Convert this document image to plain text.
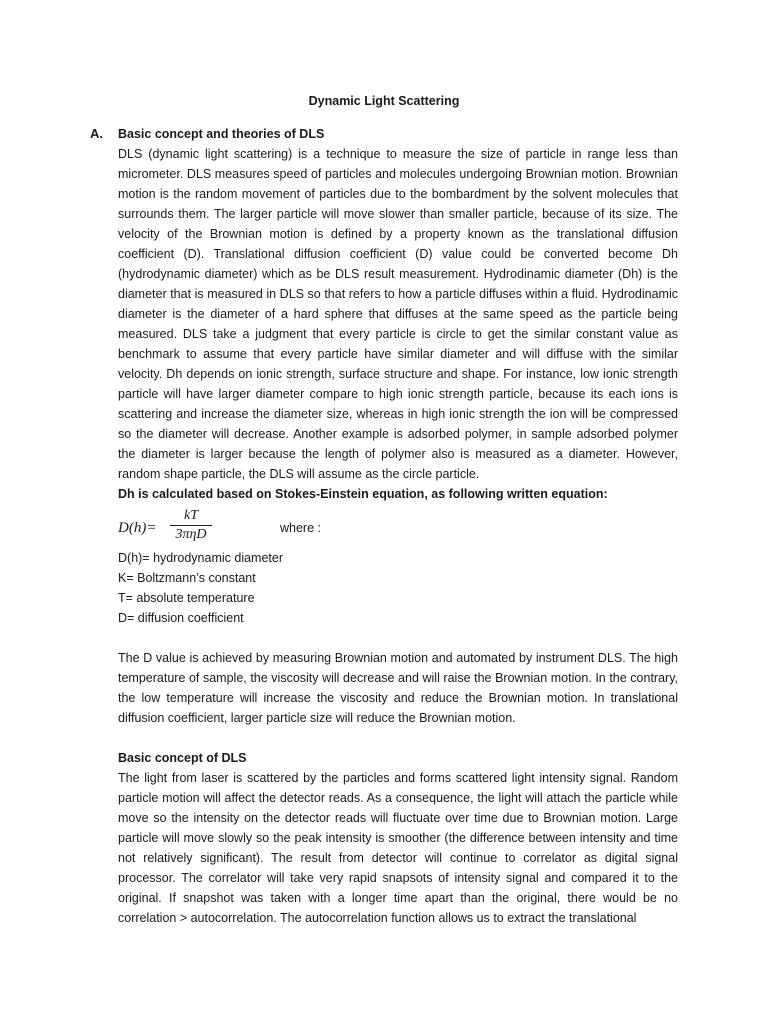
Dynamic Light Scattering
A. Basic concept and theories of DLS
DLS (dynamic light scattering) is a technique to measure the size of particle in range less than micrometer. DLS measures speed of particles and molecules undergoing Brownian motion. Brownian motion is the random movement of particles due to the bombardment by the solvent molecules that surrounds them. The larger particle will move slower than smaller particle, because of its size. The velocity of the Brownian motion is defined by a property known as the translational diffusion coefficient (D). Translational diffusion coefficient (D) value could be converted become Dh (hydrodynamic diameter) which as be DLS result measurement. Hydrodinamic diameter (Dh) is the diameter that is measured in DLS so that refers to how a particle diffuses within a fluid. Hydrodinamic diameter is the diameter of a hard sphere that diffuses at the same speed as the particle being measured. DLS take a judgment that every particle is circle to get the similar constant value as benchmark to assume that every particle have similar diameter and will diffuse with the similar velocity. Dh depends on ionic strength, surface structure and shape. For instance, low ionic strength particle will have larger diameter compare to high ionic strength particle, because its each ions is scattering and increase the diameter size, whereas in high ionic strength the ion will be compressed so the diameter will decrease. Another example is adsorbed polymer, in sample adsorbed polymer the diameter is larger because the length of polymer also is measured as a diameter. However, random shape particle, the DLS will assume as the circle particle.
Dh is calculated based on Stokes-Einstein equation, as following written equation:
D(h)=
kT
3πηD	where :
D(h)= hydrodynamic diameter
K= Boltzmann’s constant
T= absolute temperature
D= diffusion coefficient
The D value is achieved by measuring Brownian motion and automated by instrument DLS. The high temperature of sample, the viscosity will decrease and will raise the Brownian motion. In the contrary, the low temperature will increase the viscosity and reduce the Brownian motion. In translational diffusion coefficient, larger particle size will reduce the Brownian motion.
Basic concept of DLS
The light from laser is scattered by the particles and forms scattered light intensity signal. Random particle motion will affect the detector reads. As a consequence, the light will attach the particle while move so the intensity on the detector reads will fluctuate over time due to Brownian motion. Large particle will move slowly so the peak intensity is smoother (the difference between intensity and time not relatively significant). The result from detector will continue to correlator as digital signal processor. The correlator will take very rapid snapsots of intensity signal and compared it to the original. If snapshot was taken with a longer time apart than the original, there would be no correlation > autocorrelation. The autocorrelation function allows us to extract the translational
